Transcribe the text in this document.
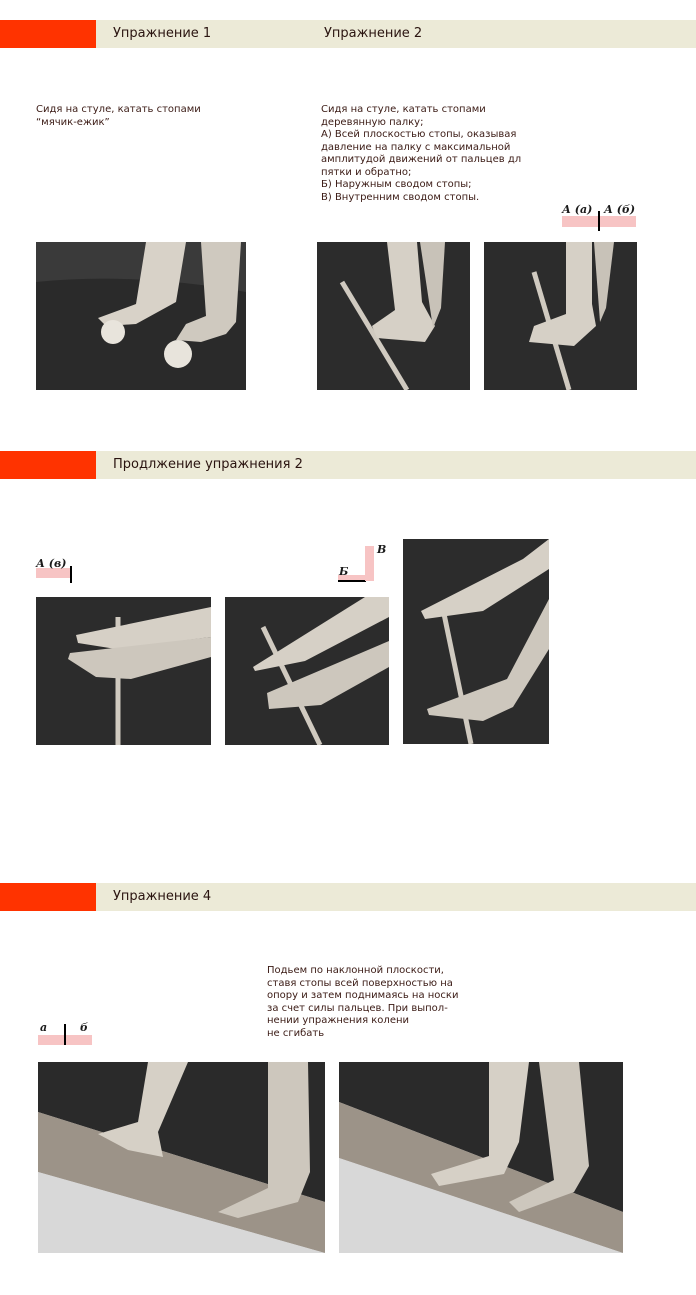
Упражнение 1	Упражнение 2
Сидя на стуле, катать стопами
“мячик-ежик”
Сидя на стуле, катать стопами
деревянную палку;
А) Всей плоскостью стопы, оказывая
давление на палку с максимальной
амплитудой движений от пальцев дл
пятки и обратно;
Б) Наружным сводом стопы;
В) Внутренним сводом стопы.
А (а) А (б)
Продлжение упражнения 2
А (в)
Б
В
Упражнение 4
Подьем по наклонной плоскости,
ставя стопы всей поверхностью на
опору и затем поднимаясь на носки
за счет силы пальцев. При выпол-
нении упражнения колени
не сгибать
а	б
